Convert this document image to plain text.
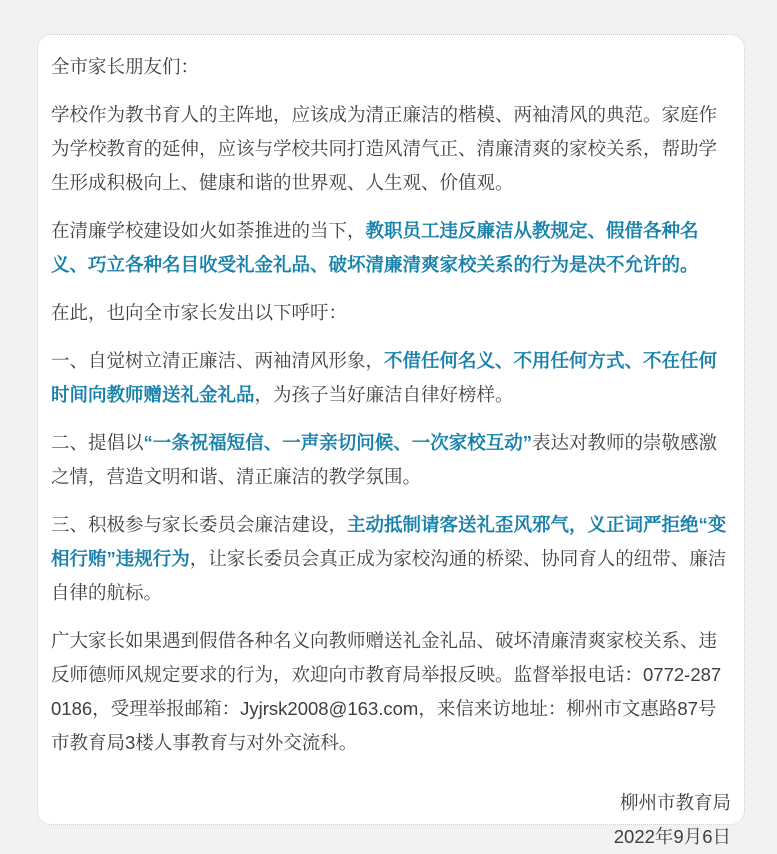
全市家长朋友们：

学校作为教书育人的主阵地，应该成为清正廉洁的楷模、两袖清风的典范。家庭作为学校教育的延伸，应该与学校共同打造风清气正、清廉清爽的家校关系，帮助学生形成积极向上、健康和谐的世界观、人生观、价值观。

在清廉学校建设如火如荼推进的当下，教职员工违反廉洁从教规定、假借各种名义、巧立各种名目收受礼金礼品、破坏清廉清爽家校关系的行为是决不允许的。

在此，也向全市家长发出以下呼吁：

一、自觉树立清正廉洁、两袖清风形象，不借任何名义、不用任何方式、不在任何时间向教师赠送礼金礼品，为孩子当好廉洁自律好榜样。

二、提倡以“一条祝福短信、一声亲切问候、一次家校互动”表达对教师的崇敬感激之情，营造文明和谐、清正廉洁的教学氛围。

三、积极参与家长委员会廉洁建设，主动抵制请客送礼歪风邪气，义正词严拒绝“变相行贿”违规行为，让家长委员会真正成为家校沟通的桥梁、协同育人的纽带、廉洁自律的航标。

广大家长如果遇到假借各种名义向教师赠送礼金礼品、破坏清廉清爽家校关系、违反师德师风规定要求的行为，欢迎向市教育局举报反映。监督举报电话：0772-2870186，受理举报邮箱：Jyjrsk2008@163.com，来信来访地址：柳州市文惠路87号市教育局3楼人事教育与对外交流科。

柳州市教育局

2022年9月6日
